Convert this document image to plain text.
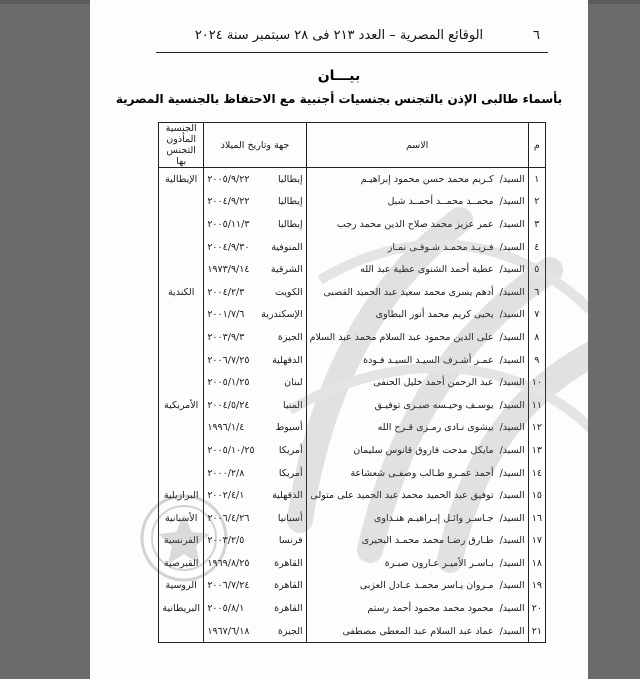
٦
الوقائع المصرية – العدد ٢١٣ فى ٢٨ سبتمبر سنة ٢٠٢٤
بيـــان
بأسماء طالبى الإذن بالتجنس بجنسيات أجنبية مع الاحتفاظ بالجنسية المصرية
م	الاسم		جهة وتاريخ الميلاد		الجنسية المأذون التجنس بها
١	السيد/	كـريم محمد حسن محمود إبراهيـم	إيطاليا	٢٠٠٥/٩/٢٢	الإيطالية
٢	السيد/	محمــد محمــد أحمــد شبل	إيطاليا	٢٠٠٤/٩/٢٢	
٣	السيد/	عمر عزيز محمد صلاح الدين محمد رجب	إيطاليا	٢٠٠٥/١١/٣	
٤	السيد/	فـريـد محمـد شـوقـى نمـار	المنوفية	٢٠٠٤/٩/٣٠	
٥	السيد/	عطية أحمد الشنوى عطية عبد الله	الشرقية	١٩٧٣/٩/١٤	
٦	السيد/	أدهم يسرى محمد سعيد عبد الحميد القصبى	الكويت	٢٠٠٤/٢/٣	الكندية
٧	السيد/	يحيى كريم محمد أنور البطاوى	الإسكندرية	٢٠٠١/٧/٦	
٨	السيد/	على الدين محمود عبد السلام محمد عبد السلام	الجيزة	٢٠٠٣/٩/٣	
٩	السيد/	عمـر أشـرف السيـد السيـد فـودة	الدقهلية	٢٠٠٦/٧/٢٥	
١٠	السيد/	عبد الرحمن أحمد خليل الحنفى	لبنان	٢٠٠٥/١/٢٥	
١١	السيد/	يوسـف وحيـسه صبـرى توفيـق	المنيا	٢٠٠٤/٥/٢٤	الأمريكية
١٢	السيد/	بيشوى نـادى رمـزى قـرح الله	أسيوط	١٩٩٦/١/٤	
١٣	السيد/	مايكل مدحت فاروق قانوس سليمان	أمريكا	٢٠٠٥/١٠/٢٥	
١٤	السيد/	أحمد عمـرو طـالب وصفـى شعشاعة	أمريكا	٢٠٠٠/٢/٨	
١٥	السيد/	توفيق عبد الحميد محمد عبد الحميد على متولى	الدقهلية	٢٠٠٢/٤/١	البرازيلية
١٦	السيد/	جـاسـر وائـل إبـراهيـم هنـداوى	أسبانيا	٢٠٠٦/٤/٢٦	الأسبانية
١٧	السيد/	طـارق رضـا محمد محمـد البحيرى	فرنسا	٢٠٠٣/٢/٥	الفرنسية
١٨	السيد/	يـاسـر الأميـر عـارون صبـرة	القاهرة	١٩٦٩/٨/٢٥	القبرصية
١٩	السيد/	مـروان يـاسر محمـد عـادل العزبى	القاهرة	٢٠٠٦/٧/٢٤	الروسية
٢٠	السيد/	محمود محمد محمود أحمد رستم	القاهرة	٢٠٠٥/٨/١	البريطانية
٢١	السيد/	عماد عبد السلام عبد المعطى مصطفى	الجيزة	١٩٦٧/٦/١٨	
